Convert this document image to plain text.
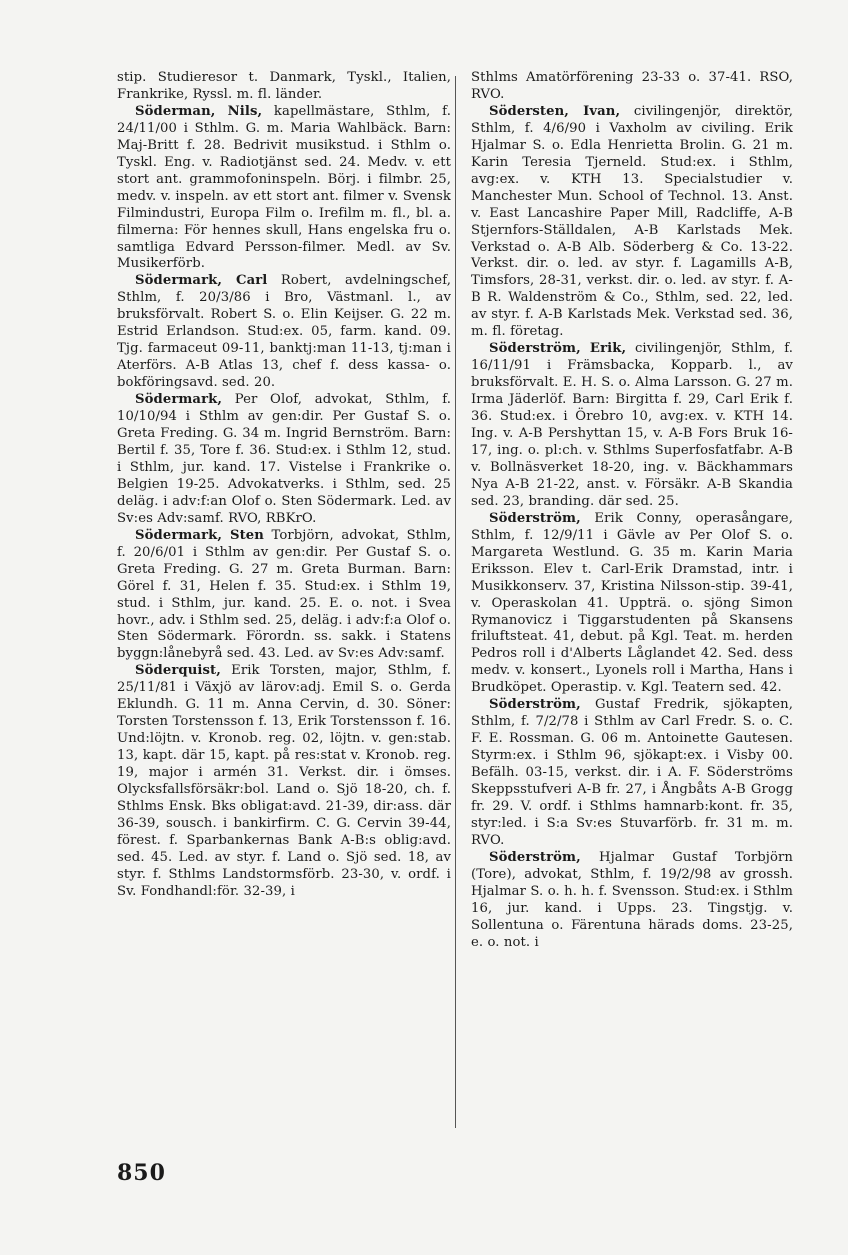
stip. Studieresor t. Danmark, Tyskl., Italien, Frankrike, Ryssl. m. fl. länder.

Söderman, Nils, kapellmästare, Sthlm, f. 24/11/00 i Sthlm. G. m. Maria Wahlbäck. Barn: Maj-Britt f. 28. Bedrivit musikstud. i Sthlm o. Tyskl. Eng. v. Radiotjänst sed. 24. Medv. v. ett stort ant. grammofoninspeln. Börj. i filmbr. 25, medv. v. inspeln. av ett stort ant. filmer v. Svensk Filmindustri, Europa Film o. Irefilm m. fl., bl. a. filmerna: För hennes skull, Hans engelska fru o. samtliga Edvard Persson-filmer. Medl. av Sv. Musikerförb.

Södermark, Carl Robert, avdelningschef, Sthlm, f. 20/3/86 i Bro, Västmanl. l., av bruksförvalt. Robert S. o. Elin Keijser. G. 22 m. Estrid Erlandson. Stud:ex. 05, farm. kand. 09. Tjg. farmaceut 09-11, banktj:man 11-13, tj:man i Aterförs. A-B Atlas 13, chef f. dess kassa- o. bokföringsavd. sed. 20.

Södermark, Per Olof, advokat, Sthlm, f. 10/10/94 i Sthlm av gen:dir. Per Gustaf S. o. Greta Freding. G. 34 m. Ingrid Bernström. Barn: Bertil f. 35, Tore f. 36. Stud:ex. i Sthlm 12, stud. i Sthlm, jur. kand. 17. Vistelse i Frankrike o. Belgien 19-25. Advokatverks. i Sthlm, sed. 25 deläg. i adv:f:an Olof o. Sten Södermark. Led. av Sv:es Adv:samf. RVO, RBKrO.

Södermark, Sten Torbjörn, advokat, Sthlm, f. 20/6/01 i Sthlm av gen:dir. Per Gustaf S. o. Greta Freding. G. 27 m. Greta Burman. Barn: Görel f. 31, Helen f. 35. Stud:ex. i Sthlm 19, stud. i Sthlm, jur. kand. 25. E. o. not. i Svea hovr., adv. i Sthlm sed. 25, deläg. i adv:f:a Olof o. Sten Södermark. Förordn. ss. sakk. i Statens byggn:lånebyrå sed. 43. Led. av Sv:es Adv:samf.

Söderquist, Erik Torsten, major, Sthlm, f. 25/11/81 i Växjö av lärov:adj. Emil S. o. Gerda Eklundh. G. 11 m. Anna Cervin, d. 30. Söner: Torsten Torstensson f. 13, Erik Torstensson f. 16. Und:löjtn. v. Kronob. reg. 02, löjtn. v. gen:stab. 13, kapt. där 15, kapt. på res:stat v. Kronob. reg. 19, major i armén 31. Verkst. dir. i ömses. Olycksfallsförsäkr:bol. Land o. Sjö 18-20, ch. f. Sthlms Ensk. Bks obligat:avd. 21-39, dir:ass. där 36-39, sousch. i bankirfirm. C. G. Cervin 39-44, förest. f. Sparbankernas Bank A-B:s oblig:avd. sed. 45. Led. av styr. f. Land o. Sjö sed. 18, av styr. f. Sthlms Landstormsförb. 23-30, v. ordf. i Sv. Fondhandl:för. 32-39, i

Sthlms Amatörförening 23-33 o. 37-41. RSO, RVO.

Södersten, Ivan, civilingenjör, direktör, Sthlm, f. 4/6/90 i Vaxholm av civiling. Erik Hjalmar S. o. Edla Henrietta Brolin. G. 21 m. Karin Teresia Tjerneld. Stud:ex. i Sthlm, avg:ex. v. KTH 13. Specialstudier v. Manchester Mun. School of Technol. 13. Anst. v. East Lancashire Paper Mill, Radcliffe, A-B Stjernfors-Ställdalen, A-B Karlstads Mek. Verkstad o. A-B Alb. Söderberg & Co. 13-22. Verkst. dir. o. led. av styr. f. Lagamills A-B, Timsfors, 28-31, verkst. dir. o. led. av styr. f. A-B R. Waldenström & Co., Sthlm, sed. 22, led. av styr. f. A-B Karlstads Mek. Verkstad sed. 36, m. fl. företag.

Söderström, Erik, civilingenjör, Sthlm, f. 16/11/91 i Främsbacka, Kopparb. l., av bruksförvalt. E. H. S. o. Alma Larsson. G. 27 m. Irma Jäderlöf. Barn: Birgitta f. 29, Carl Erik f. 36. Stud:ex. i Örebro 10, avg:ex. v. KTH 14. Ing. v. A-B Pershyttan 15, v. A-B Fors Bruk 16-17, ing. o. pl:ch. v. Sthlms Superfosfatfabr. A-B v. Bollnäsverket 18-20, ing. v. Bäckhammars Nya A-B 21-22, anst. v. Försäkr. A-B Skandia sed. 23, branding. där sed. 25.

Söderström, Erik Conny, operasångare, Sthlm, f. 12/9/11 i Gävle av Per Olof S. o. Margareta Westlund. G. 35 m. Karin Maria Eriksson. Elev t. Carl-Erik Dramstad, intr. i Musikkonserv. 37, Kristina Nilsson-stip. 39-41, v. Operaskolan 41. Uppträ. o. sjöng Simon Rymanovicz i Tiggarstudenten på Skansens friluftsteat. 41, debut. på Kgl. Teat. m. herden Pedros roll i d'Alberts Låglandet 42. Sed. dess medv. v. konsert., Lyonels roll i Martha, Hans i Brudköpet. Operastip. v. Kgl. Teatern sed. 42.

Söderström, Gustaf Fredrik, sjökapten, Sthlm, f. 7/2/78 i Sthlm av Carl Fredr. S. o. C. F. E. Rossman. G. 06 m. Antoinette Gautesen. Styrm:ex. i Sthlm 96, sjökapt:ex. i Visby 00. Befälh. 03-15, verkst. dir. i A. F. Söderströms Skeppsstufveri A-B fr. 27, i Ångbåts A-B Grogg fr. 29. V. ordf. i Sthlms hamnarb:kont. fr. 35, styr:led. i S:a Sv:es Stuvarförb. fr. 31 m. m. RVO.

Söderström, Hjalmar Gustaf Torbjörn (Tore), advokat, Sthlm, f. 19/2/98 av grossh. Hjalmar S. o. h. h. f. Svensson. Stud:ex. i Sthlm 16, jur. kand. i Upps. 23. Tingstjg. v. Sollentuna o. Färentuna härads doms. 23-25, e. o. not. i

850
